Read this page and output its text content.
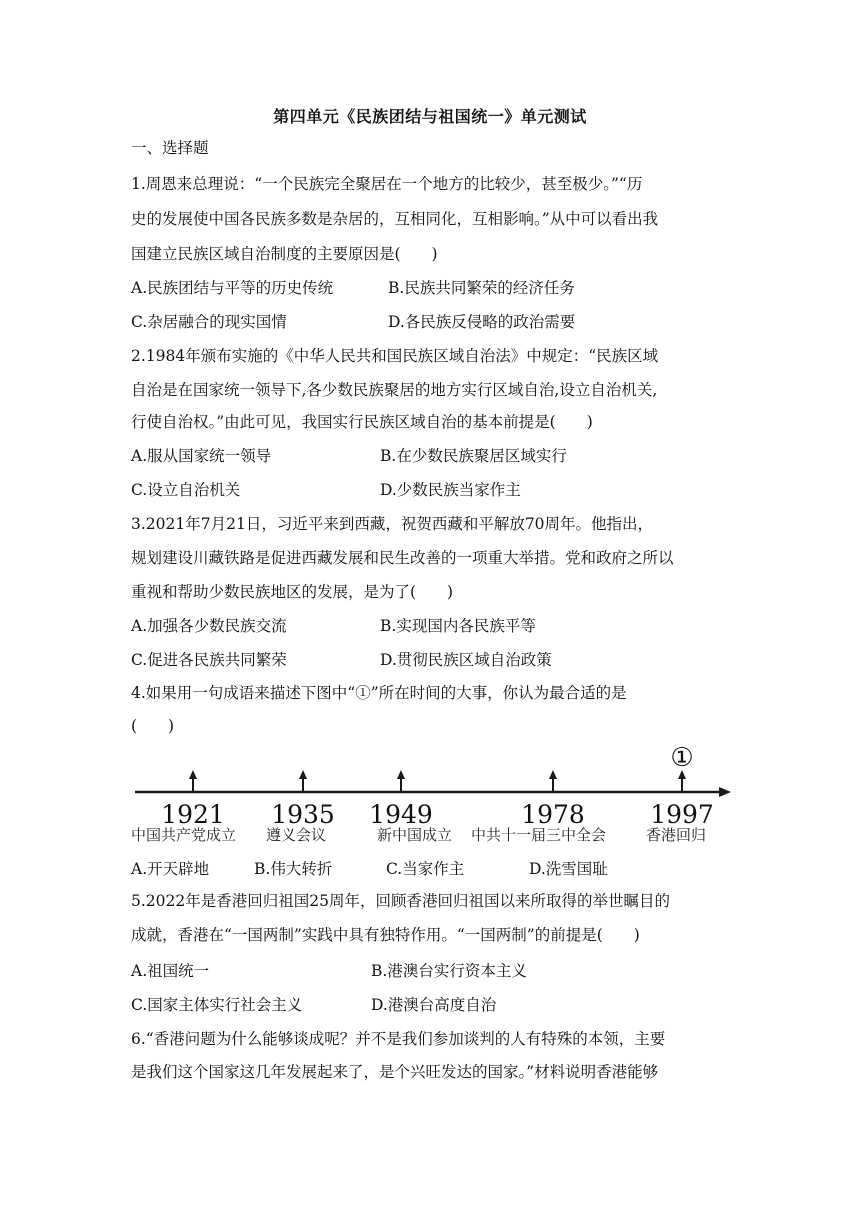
第四单元《民族团结与祖国统一》单元测试
一、选择题
1.周恩来总理说：“一个民族完全聚居在一个地方的比较少，甚至极少。”“历
史的发展使中国各民族多数是杂居的，互相同化，互相影响。”从中可以看出我
国建立民族区域自治制度的主要原因是(　　)
A.民族团结与平等的历史传统	B.民族共同繁荣的经济任务
C.杂居融合的现实国情	D.各民族反侵略的政治需要
2.1984年颁布实施的《中华人民共和国民族区域自治法》中规定：“民族区域
自治是在国家统一领导下,各少数民族聚居的地方实行区域自治,设立自治机关,
行使自治权。”由此可见，我国实行民族区域自治的基本前提是(　　)
A.服从国家统一领导	B.在少数民族聚居区域实行
C.设立自治机关	D.少数民族当家作主
3.2021年7月21日，习近平来到西藏，祝贺西藏和平解放70周年。他指出，
规划建设川藏铁路是促进西藏发展和民生改善的一项重大举措。党和政府之所以
重视和帮助少数民族地区的发展，是为了(　　)
A.加强各少数民族交流	B.实现国内各民族平等
C.促进各民族共同繁荣	D.贯彻民族区域自治政策
4.如果用一句成语来描述下图中“①”所在时间的大事，你认为最合适的是
(　　)
1921
中国共产党成立
1935
遵义会议
1949
新中国成立
1978
中共十一届三中全会
1997
香港回归
①
A.开天辟地	B.伟大转折	C.当家作主	D.洗雪国耻
5.2022年是香港回归祖国25周年，回顾香港回归祖国以来所取得的举世瞩目的
成就，香港在“一国两制”实践中具有独特作用。“一国两制”的前提是(　　)
A.祖国统一	B.港澳台实行资本主义
C.国家主体实行社会主义	D.港澳台高度自治
6.“香港问题为什么能够谈成呢？并不是我们参加谈判的人有特殊的本领，主要
是我们这个国家这几年发展起来了，是个兴旺发达的国家。”材料说明香港能够
